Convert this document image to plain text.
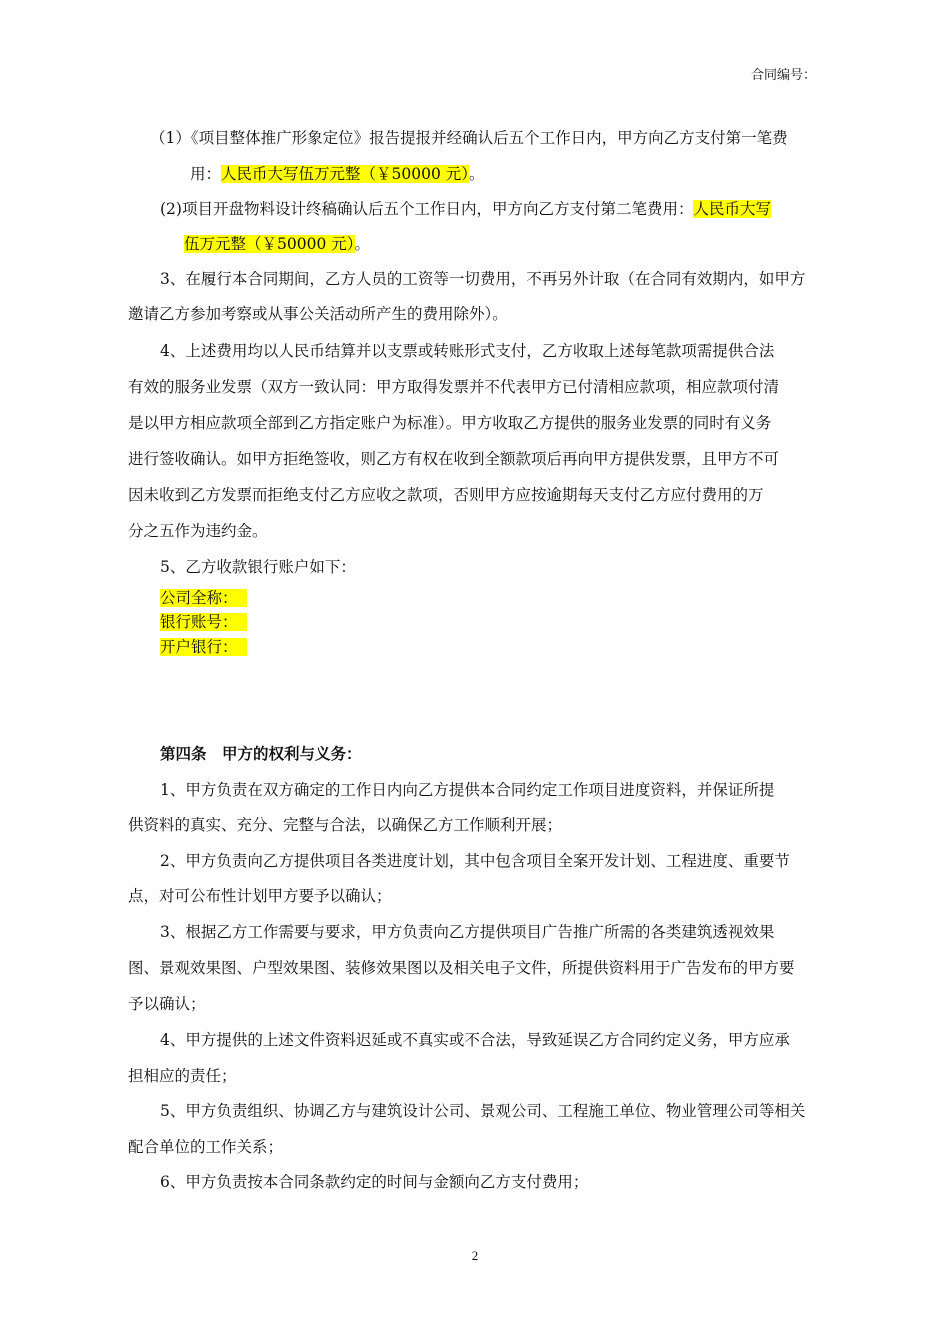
合同编号：
（1）《项目整体推广形象定位》报告提报并经确认后五个工作日内，甲方向乙方支付第一笔费
用：人民币大写伍万元整（￥50000 元）。
(2)项目开盘物料设计终稿确认后五个工作日内，甲方向乙方支付第二笔费用：人民币大写
伍万元整（￥50000 元）。
3、在履行本合同期间，乙方人员的工资等一切费用，不再另外计取（在合同有效期内，如甲方
邀请乙方参加考察或从事公关活动所产生的费用除外）。
4、上述费用均以人民币结算并以支票或转账形式支付，乙方收取上述每笔款项需提供合法
有效的服务业发票（双方一致认同：甲方取得发票并不代表甲方已付清相应款项，相应款项付清
是以甲方相应款项全部到乙方指定账户为标准）。甲方收取乙方提供的服务业发票的同时有义务
进行签收确认。如甲方拒绝签收，则乙方有权在收到全额款项后再向甲方提供发票，且甲方不可
因未收到乙方发票而拒绝支付乙方应收之款项，否则甲方应按逾期每天支付乙方应付费用的万
分之五作为违约金。
5、乙方收款银行账户如下：
公司全称：
银行账号：
开户银行：
第四条　甲方的权利与义务：
1、甲方负责在双方确定的工作日内向乙方提供本合同约定工作项目进度资料，并保证所提
供资料的真实、充分、完整与合法，以确保乙方工作顺利开展；
2、甲方负责向乙方提供项目各类进度计划，其中包含项目全案开发计划、工程进度、重要节
点，对可公布性计划甲方要予以确认；
3、根据乙方工作需要与要求，甲方负责向乙方提供项目广告推广所需的各类建筑透视效果
图、景观效果图、户型效果图、装修效果图以及相关电子文件，所提供资料用于广告发布的甲方要
予以确认；
4、甲方提供的上述文件资料迟延或不真实或不合法，导致延误乙方合同约定义务，甲方应承
担相应的责任；
5、甲方负责组织、协调乙方与建筑设计公司、景观公司、工程施工单位、物业管理公司等相关
配合单位的工作关系；
6、甲方负责按本合同条款约定的时间与金额向乙方支付费用；
2
